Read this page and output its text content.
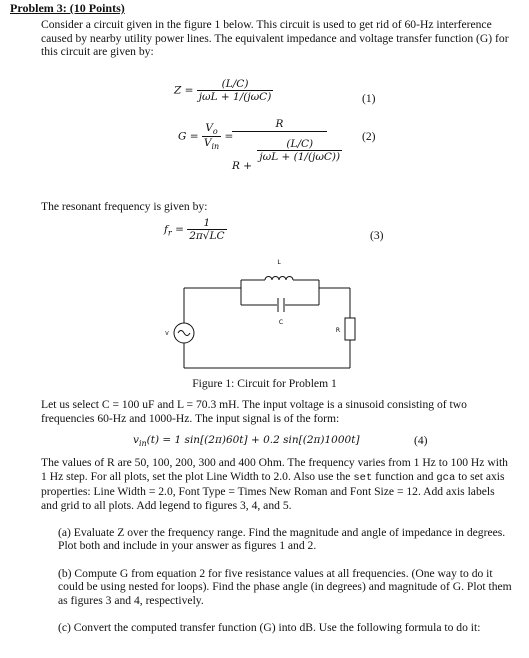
Problem 3: (10 Points)
Consider a circuit given in the figure 1 below. This circuit is used to get rid of 60-Hz interference caused by nearby utility power lines. The equivalent impedance and voltage transfer function (G) for this circuit are given by:
$Z = \frac{(L/C)}{\text{jωL + 1/(jωC)}}$	(1)
$G = \frac{V_o}{V_{in}}$ =
R
R +
$\frac{(L/C)}{\text{jωL + (1/(jωC))}}$
(2)
The resonant frequency is given by:
$f_r = \frac{1}{2\pi√LC}$	(3)
L
C
R
V
Figure 1: Circuit for Problem 1
Let us select C = 100 uF and L = 70.3 mH. The input voltage is a sinusoid consisting of two frequencies 60-Hz and 1000-Hz. The input signal is of the form:
$v_{in}(t) = 1$ sin[(2π)60t] + 0.2 sin[(2π)1000t]	(4)
The values of R are 50, 100, 200, 300 and 400 Ohm. The frequency varies from 1 Hz to 100 Hz with 1 Hz step. For all plots, set the plot Line Width to 2.0. Also use the set function and gca to set axis properties: Line Width = 2.0, Font Type = Times New Roman and Font Size = 12. Add axis labels and grid to all plots. Add legend to figures 3, 4, and 5.
(a) Evaluate Z over the frequency range. Find the magnitude and angle of impedance in degrees. Plot both and include in your answer as figures 1 and 2.
(b) Compute G from equation 2 for five resistance values at all frequencies. (One way to do it could be using nested for loops). Find the phase angle (in degrees) and magnitude of G. Plot them as figures 3 and 4, respectively.
(c) Convert the computed transfer function (G) into dB. Use the following formula to do it:
